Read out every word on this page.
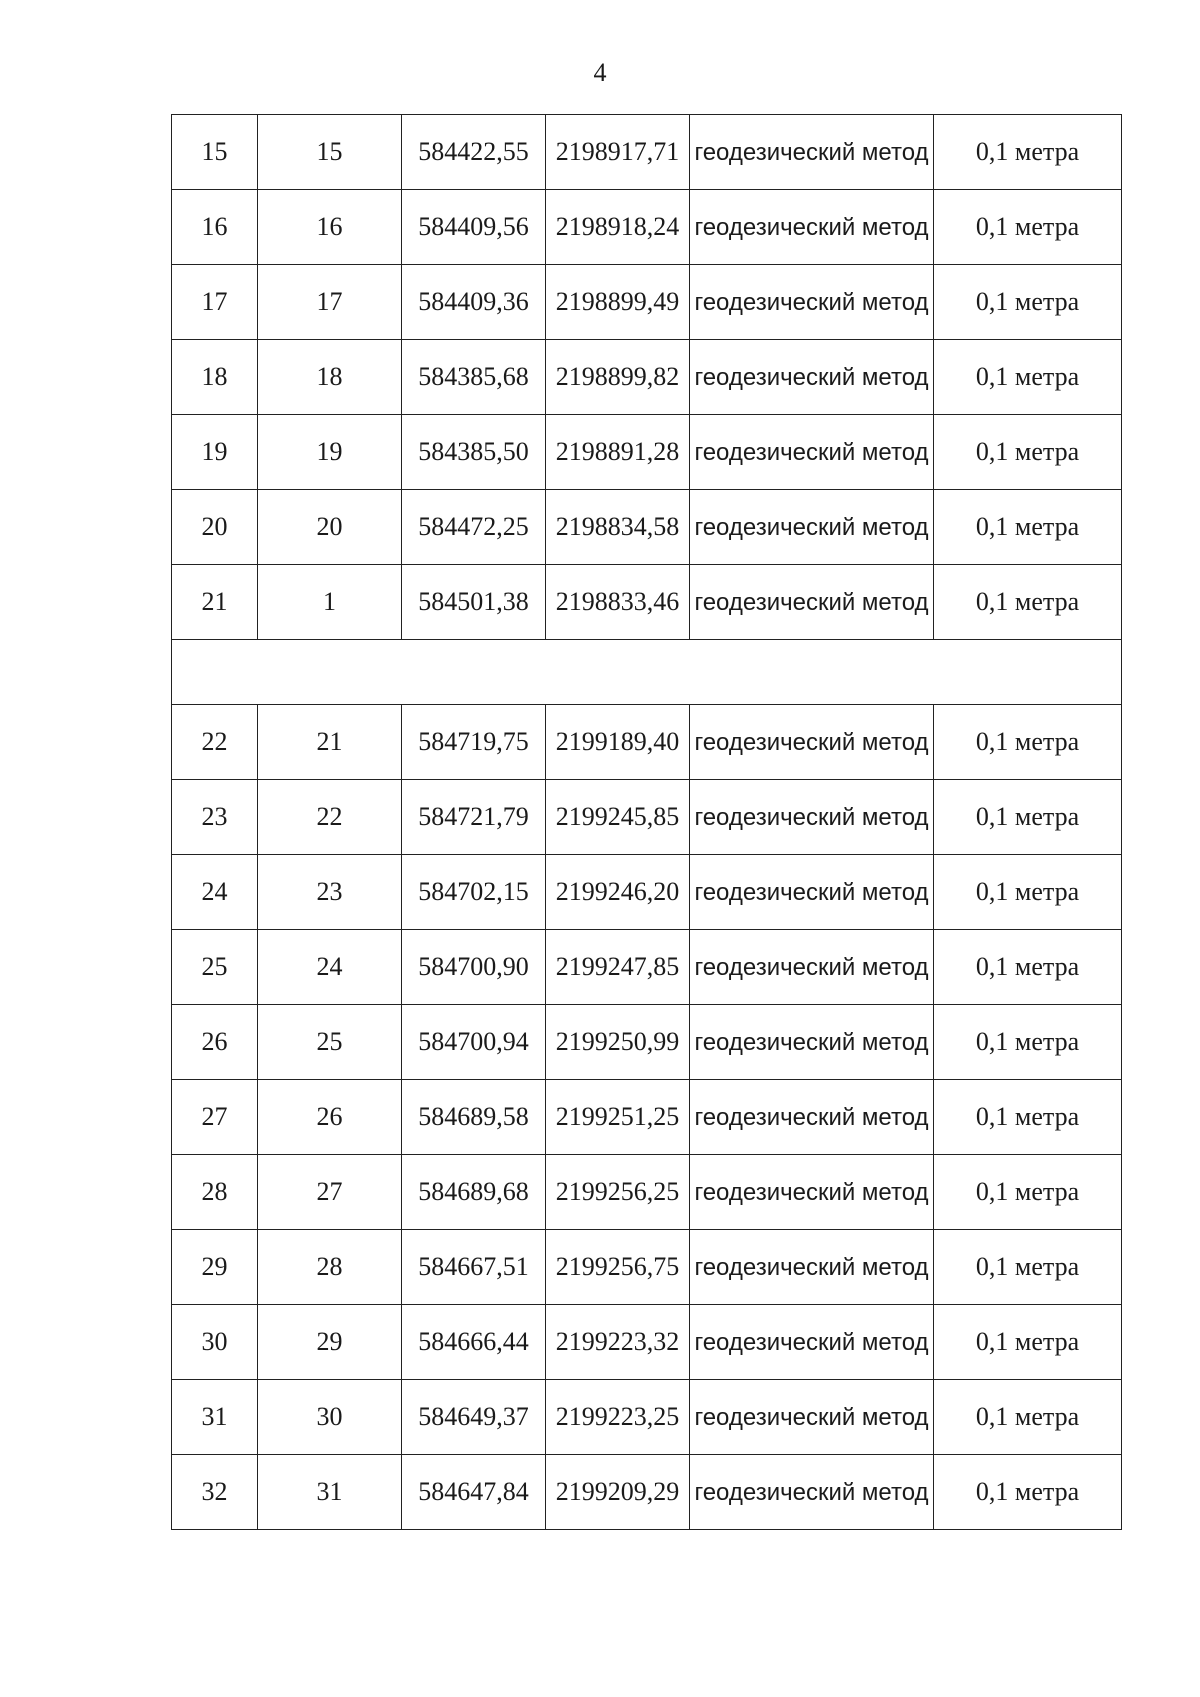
4
15	15	584422,55	2198917,71	геодезический метод	0,1 метра
16	16	584409,56	2198918,24	геодезический метод	0,1 метра
17	17	584409,36	2198899,49	геодезический метод	0,1 метра
18	18	584385,68	2198899,82	геодезический метод	0,1 метра
19	19	584385,50	2198891,28	геодезический метод	0,1 метра
20	20	584472,25	2198834,58	геодезический метод	0,1 метра
21	1	584501,38	2198833,46	геодезический метод	0,1 метра

22	21	584719,75	2199189,40	геодезический метод	0,1 метра
23	22	584721,79	2199245,85	геодезический метод	0,1 метра
24	23	584702,15	2199246,20	геодезический метод	0,1 метра
25	24	584700,90	2199247,85	геодезический метод	0,1 метра
26	25	584700,94	2199250,99	геодезический метод	0,1 метра
27	26	584689,58	2199251,25	геодезический метод	0,1 метра
28	27	584689,68	2199256,25	геодезический метод	0,1 метра
29	28	584667,51	2199256,75	геодезический метод	0,1 метра
30	29	584666,44	2199223,32	геодезический метод	0,1 метра
31	30	584649,37	2199223,25	геодезический метод	0,1 метра
32	31	584647,84	2199209,29	геодезический метод	0,1 метра
